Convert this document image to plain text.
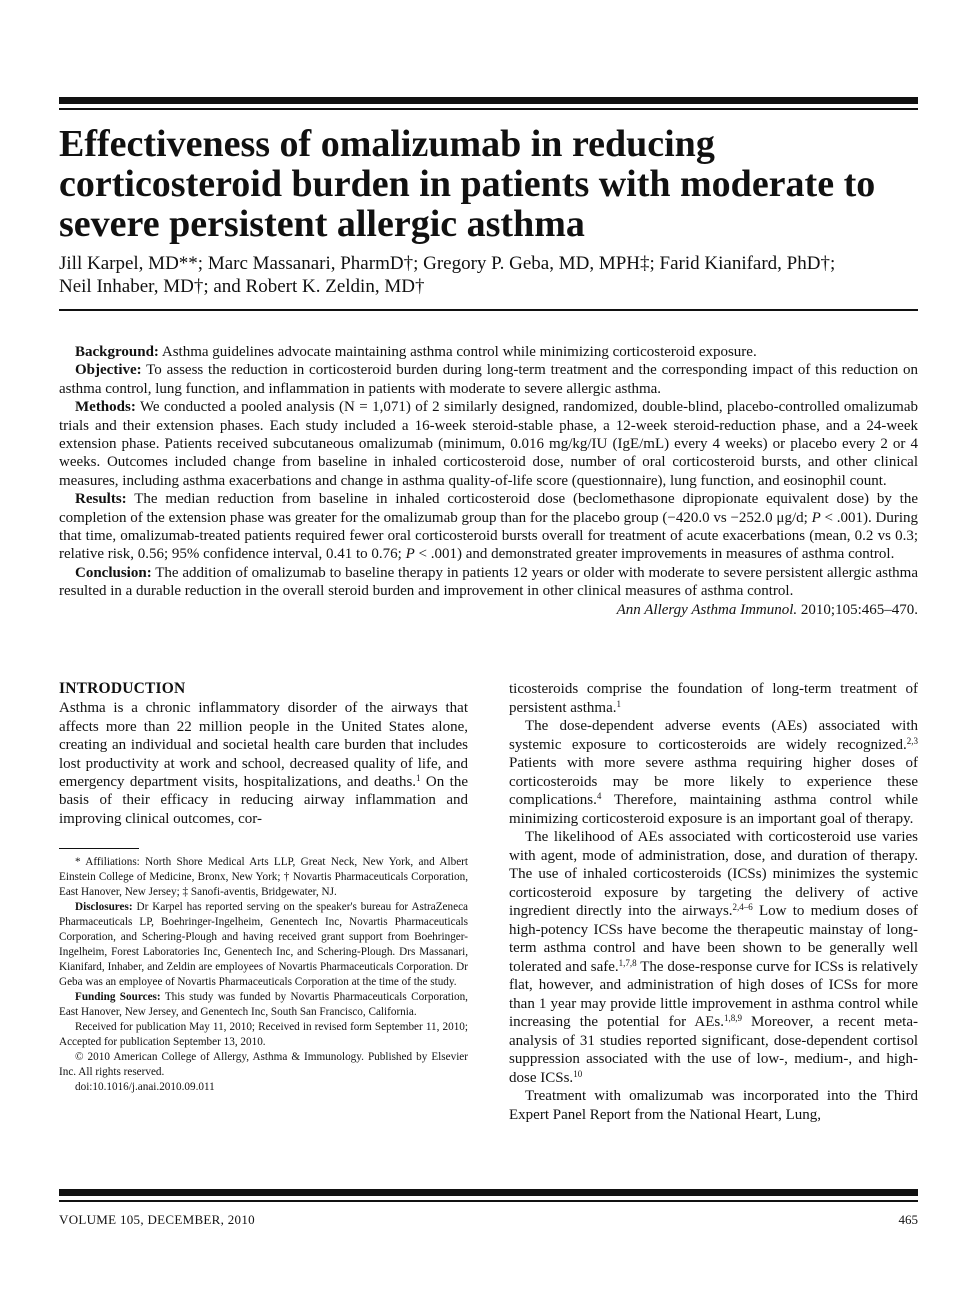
Effectiveness of omalizumab in reducing corticosteroid burden in patients with moderate to severe persistent allergic asthma

Jill Karpel, MD**; Marc Massanari, PharmD†; Gregory P. Geba, MD, MPH‡; Farid Kianifard, PhD†;
Neil Inhaber, MD†; and Robert K. Zeldin, MD†

Background: Asthma guidelines advocate maintaining asthma control while minimizing corticosteroid exposure.

Objective: To assess the reduction in corticosteroid burden during long-term treatment and the corresponding impact of this reduction on asthma control, lung function, and inflammation in patients with moderate to severe allergic asthma.

Methods: We conducted a pooled analysis (N = 1,071) of 2 similarly designed, randomized, double-blind, placebo-controlled omalizumab trials and their extension phases. Each study included a 16-week steroid-stable phase, a 12-week steroid-reduction phase, and a 24-week extension phase. Patients received subcutaneous omalizumab (minimum, 0.016 mg/kg/IU (IgE/mL) every 4 weeks) or placebo every 2 or 4 weeks. Outcomes included change from baseline in inhaled corticosteroid dose, number of oral corticosteroid bursts, and other clinical measures, including asthma exacerbations and change in asthma quality-of-life score (questionnaire), lung function, and eosinophil count.

Results: The median reduction from baseline in inhaled corticosteroid dose (beclomethasone dipropionate equivalent dose) by the completion of the extension phase was greater for the omalizumab group than for the placebo group (−420.0 vs −252.0 μg/d; P < .001). During that time, omalizumab-treated patients required fewer oral corticosteroid bursts overall for treatment of acute exacerbations (mean, 0.2 vs 0.3; relative risk, 0.56; 95% confidence interval, 0.41 to 0.76; P < .001) and demonstrated greater improvements in measures of asthma control.

Conclusion: The addition of omalizumab to baseline therapy in patients 12 years or older with moderate to severe persistent allergic asthma resulted in a durable reduction in the overall steroid burden and improvement in other clinical measures of asthma control.

Ann Allergy Asthma Immunol. 2010;105:465–470.

INTRODUCTION

Asthma is a chronic inflammatory disorder of the airways that affects more than 22 million people in the United States alone, creating an individual and societal health care burden that includes lost productivity at work and school, decreased quality of life, and emergency department visits, hospitalizations, and deaths.$^1$ On the basis of their efficacy in reducing airway inflammation and improving clinical outcomes, cor-

* Affiliations: North Shore Medical Arts LLP, Great Neck, New York, and Albert Einstein College of Medicine, Bronx, New York; † Novartis Pharmaceuticals Corporation, East Hanover, New Jersey; ‡ Sanofi-aventis, Bridgewater, NJ.

Disclosures: Dr Karpel has reported serving on the speaker's bureau for AstraZeneca Pharmaceuticals LP, Boehringer-Ingelheim, Genentech Inc, Novartis Pharmaceuticals Corporation, and Schering-Plough and having received grant support from Boehringer-Ingelheim, Forest Laboratories Inc, Genentech Inc, and Schering-Plough. Drs Massanari, Kianifard, Inhaber, and Zeldin are employees of Novartis Pharmaceuticals Corporation. Dr Geba was an employee of Novartis Pharmaceuticals Corporation at the time of the study.

Funding Sources: This study was funded by Novartis Pharmaceuticals Corporation, East Hanover, New Jersey, and Genentech Inc, South San Francisco, California.

Received for publication May 11, 2010; Received in revised form September 11, 2010; Accepted for publication September 13, 2010.

© 2010 American College of Allergy, Asthma & Immunology. Published by Elsevier Inc. All rights reserved.

doi:10.1016/j.anai.2010.09.011

ticosteroids comprise the foundation of long-term treatment of persistent asthma.$^1$

The dose-dependent adverse events (AEs) associated with systemic exposure to corticosteroids are widely recognized.$^{2,3}$ Patients with more severe asthma requiring higher doses of corticosteroids may be more likely to experience these complications.$^4$ Therefore, maintaining asthma control while minimizing corticosteroid exposure is an important goal of therapy.

The likelihood of AEs associated with corticosteroid use varies with agent, mode of administration, dose, and duration of therapy. The use of inhaled corticosteroids (ICSs) minimizes the systemic corticosteroid exposure by targeting the delivery of active ingredient directly into the airways.$^{2,4-6}$ Low to medium doses of high-potency ICSs have become the therapeutic mainstay of long-term asthma control and have been shown to be generally well tolerated and safe.$^{1,7,8}$ The dose-response curve for ICSs is relatively flat, however, and administration of high doses of ICSs for more than 1 year may provide little improvement in asthma control while increasing the potential for AEs.$^{1,8,9}$ Moreover, a recent meta-analysis of 31 studies reported significant, dose-dependent cortisol suppression associated with the use of low-, medium-, and high-dose ICSs.$^{10}$

Treatment with omalizumab was incorporated into the Third Expert Panel Report from the National Heart, Lung,

VOLUME 105, DECEMBER, 2010	465
